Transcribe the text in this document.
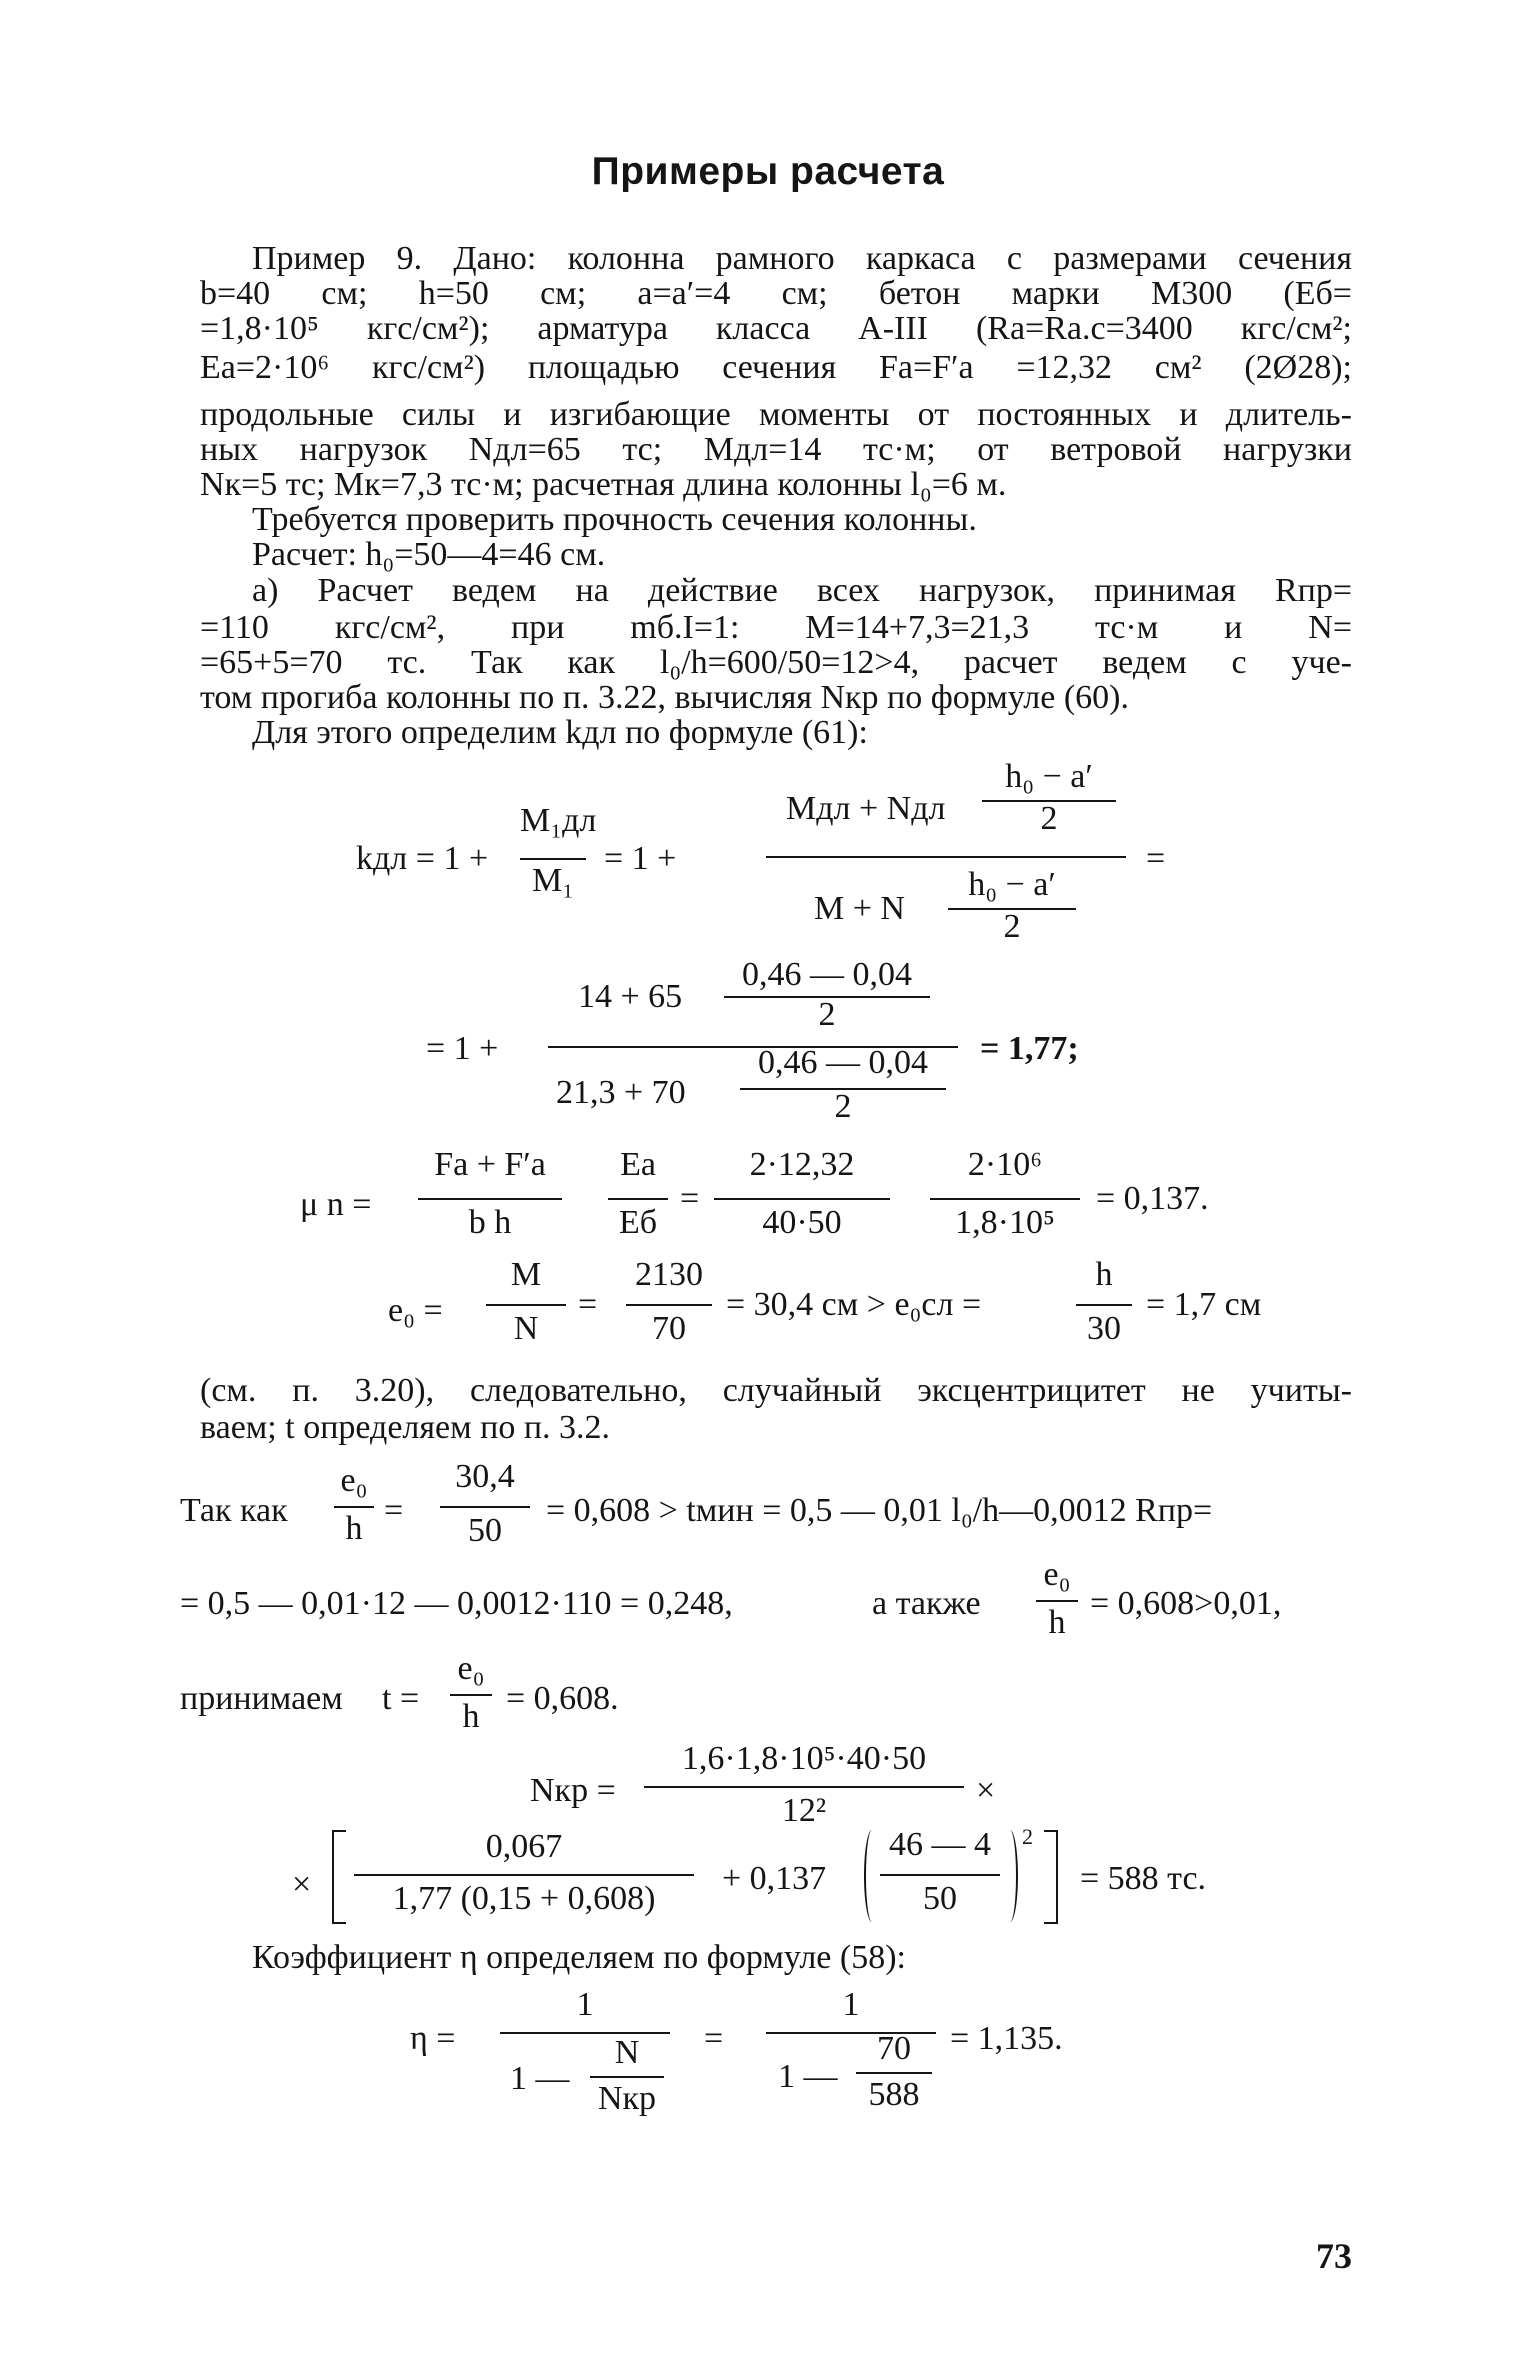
Примеры расчета
Пример 9. Дано: колонна рамного каркаса с размерами сечения
b=40 см; h=50 см; a=a′=4 см; бетон марки М300 (Eб=
=1,8·10⁵ кгс/см²); арматура класса А-III (Ra=Ra.c=3400 кгс/см²;
Ea=2·10⁶ кгс/см²) площадью сечения Fa=F′a =12,32 см² (2Ø28);
продольные силы и изгибающие моменты от постоянных и длитель-
ных нагрузок Nдл=65 тс; Mдл=14 тс·м; от ветровой нагрузки
Nк=5 тс; Mк=7,3 тс·м; расчетная длина колонны l₀=6 м.
Требуется проверить прочность сечения колонны.
Расчет: h₀=50—4=46 см.
а) Расчет ведем на действие всех нагрузок, принимая Rпр=
=110 кгс/см², при mб.I=1: M=14+7,3=21,3 тс·м и N=
=65+5=70 тс. Так как l₀/h=600/50=12>4, расчет ведем с уче-
том прогиба колонны по п. 3.22, вычисляя Nкр по формуле (60).
Для этого определим kдл по формуле (61):
kдл = 1 +
M₁дл
M₁
= 1 +
Mдл + Nдл
h₀ − a′
2
M + N
h₀ − a′
2
=
= 1 +
14 + 65
0,46 — 0,04
2
21,3 + 70
0,46 — 0,04
2
= 1,77;
μ n =
Fa + F′a
b h
Ea
Eб
=
2·12,32
40·50
2·10⁶
1,8·10⁵
= 0,137.
e₀ =
M
N
=
2130
70
= 30,4 см > e₀сл =
h
30
= 1,7 см
(см. п. 3.20), следовательно, случайный эксцентрицитет не учиты-
ваем; t определяем по п. 3.2.
Так как
e₀
h =
30,4
50
= 0,608 > tмин = 0,5 — 0,01 l₀/h—0,0012 Rпр=
= 0,5 — 0,01·12 — 0,0012·110 = 0,248,	а также
e₀
h
= 0,608>0,01,
принимаем t =
e₀
h = 0,608.
Nкр =
1,6·1,8·10⁵·40·50
12²
×
×
0,067
1,77 (0,15 + 0,608)
+ 0,137
46 — 4
50
2
= 588 тс.
Коэффициент η определяем по формуле (58):
η =
1
1 —
N
Nкр
=
1
1 —
70
588
= 1,135.
73
